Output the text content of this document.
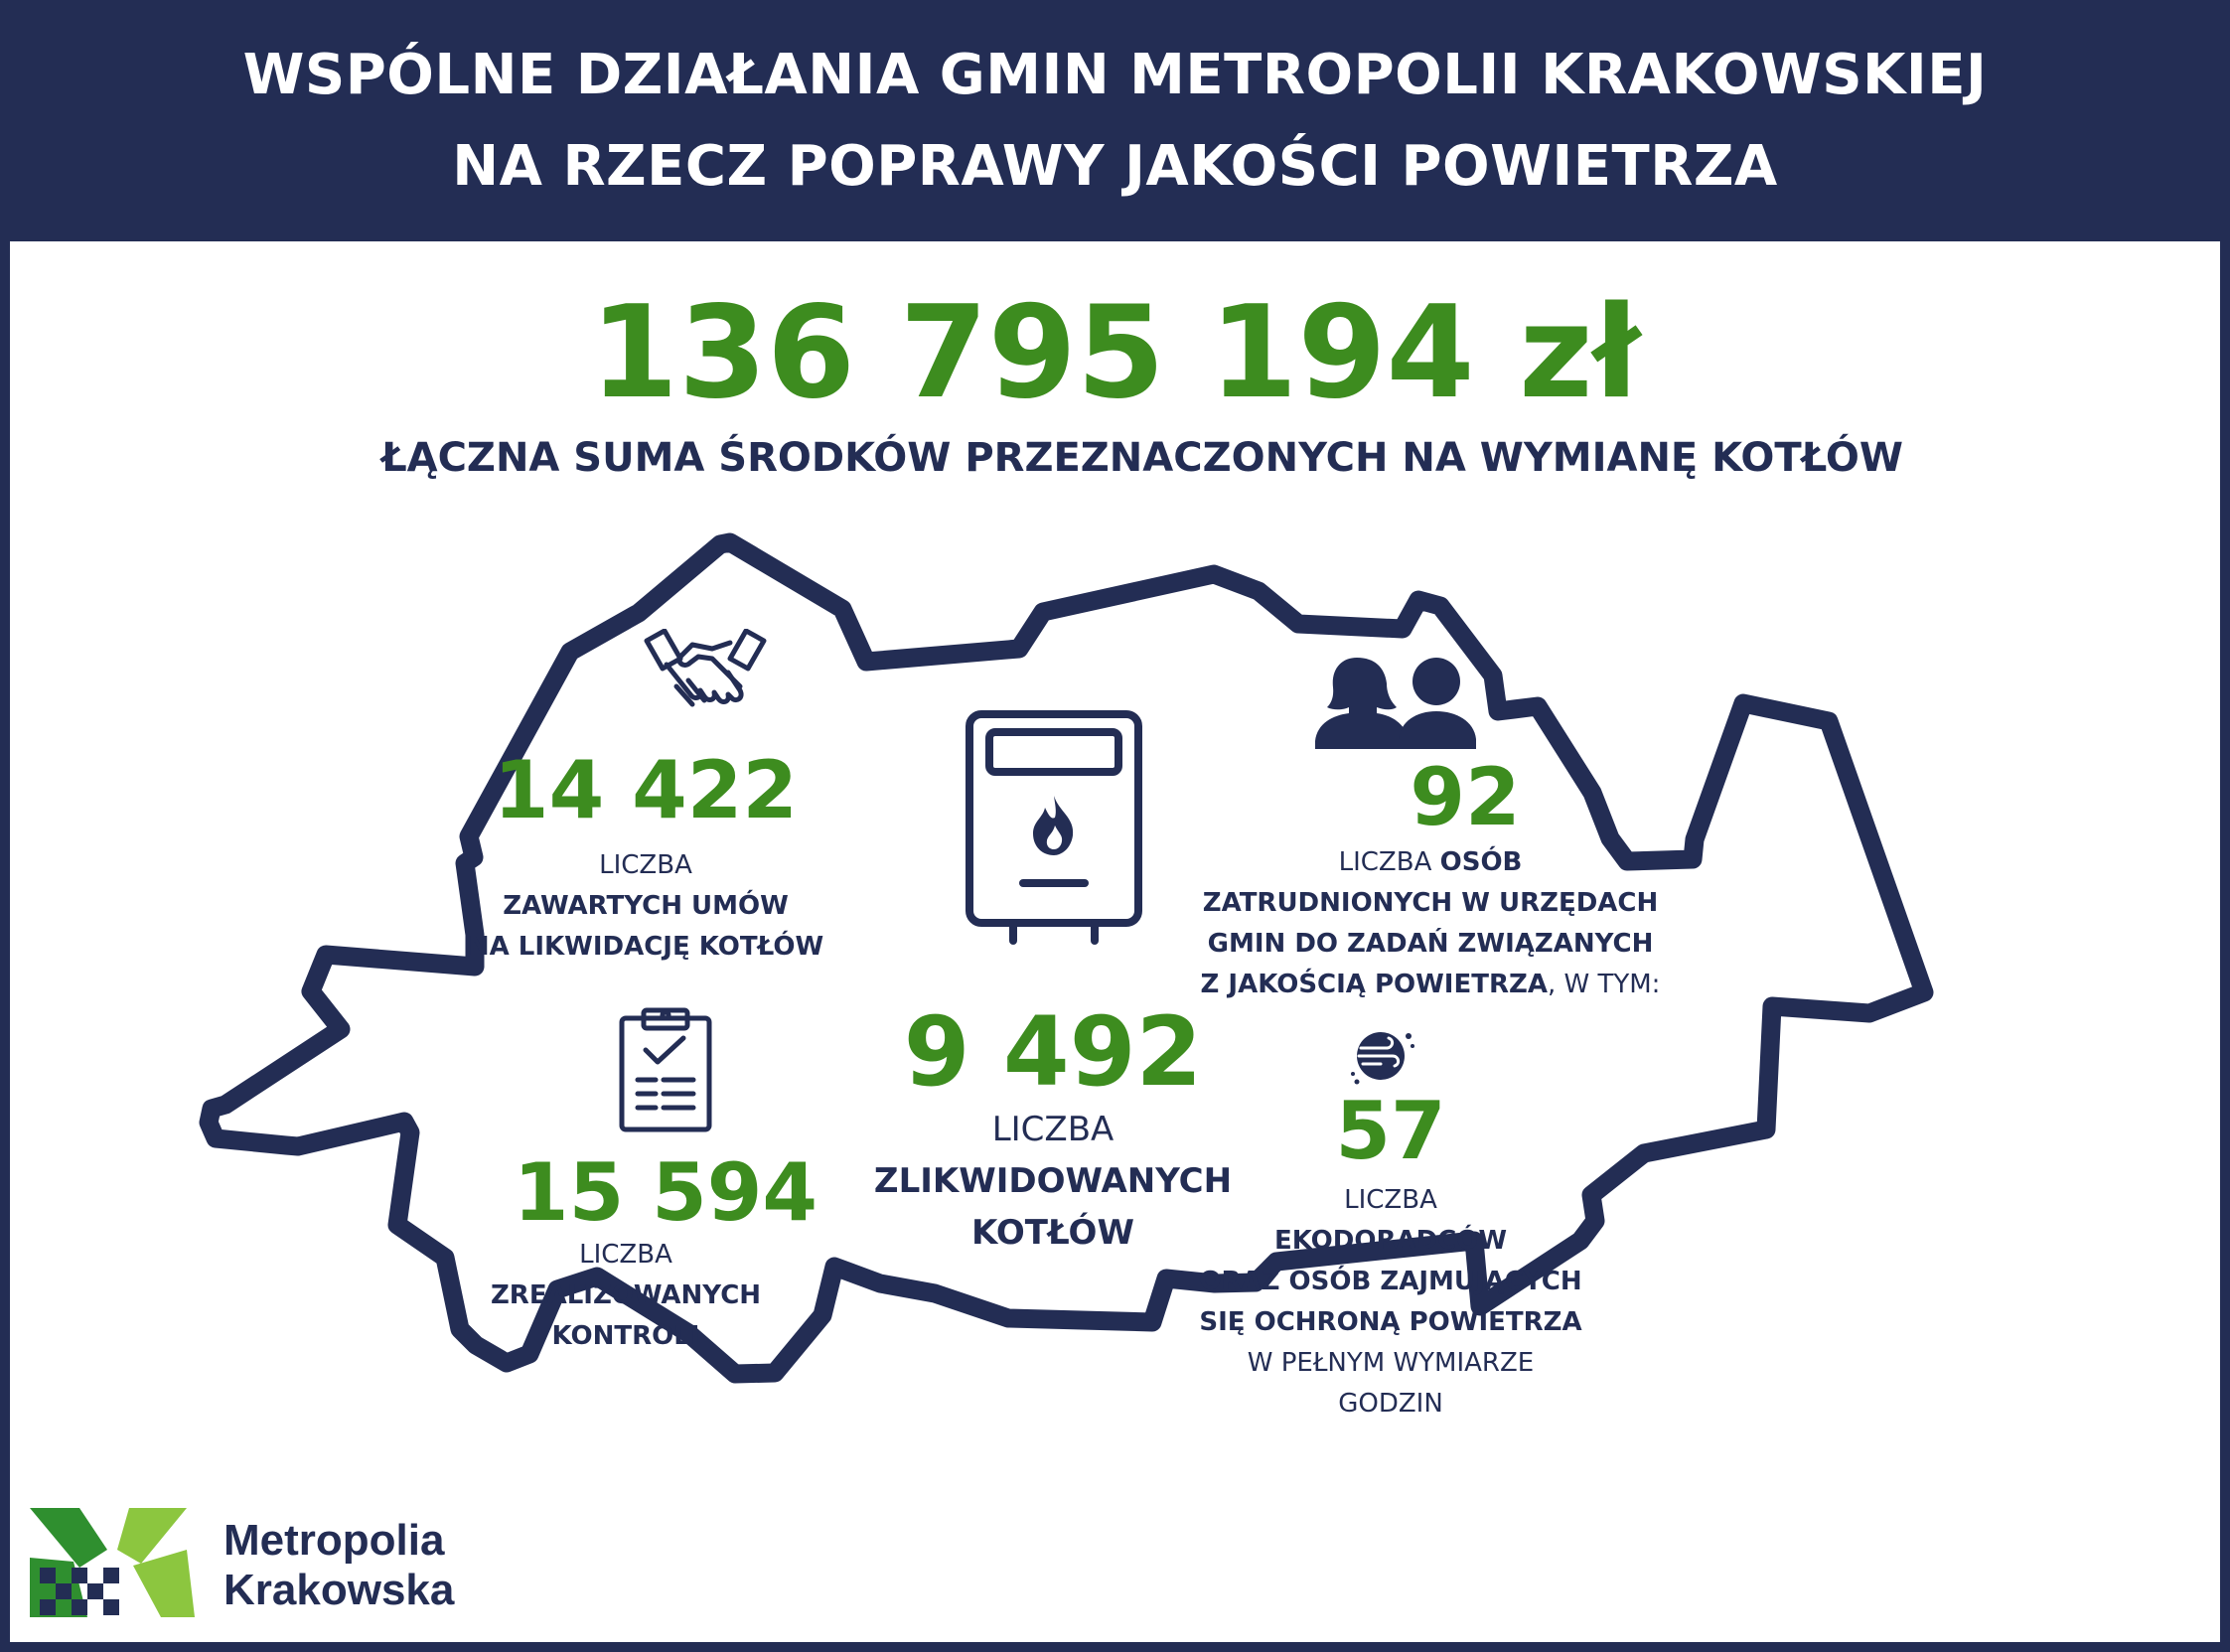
WSPÓLNE DZIAŁANIA GMIN METROPOLII KRAKOWSKIEJ
NA RZECZ POPRAWY JAKOŚCI POWIETRZA
136 795 194 zł
ŁĄCZNA SUMA ŚRODKÓW PRZEZNACZONYCH NA WYMIANĘ KOTŁÓW
14 422
LICZBA
ZAWARTYCH UMÓW
NA LIKWIDACJĘ KOTŁÓW
15 594
LICZBA
ZREALIZOWANYCH
KONTROLI
9 492
LICZBA
ZLIKWIDOWANYCH
KOTŁÓW
92
LICZBA OSÓB
ZATRUDNIONYCH W URZĘDACH
GMIN DO ZADAŃ ZWIĄZANYCH
Z JAKOŚCIĄ POWIETRZA, W TYM:
57
LICZBA
EKODORADCÓW
ORAZ OSÓB ZAJMUJĄCYCH
SIĘ OCHRONĄ POWIETRZA
W PEŁNYM WYMIARZE
GODZIN
Metropolia
Krakowska
